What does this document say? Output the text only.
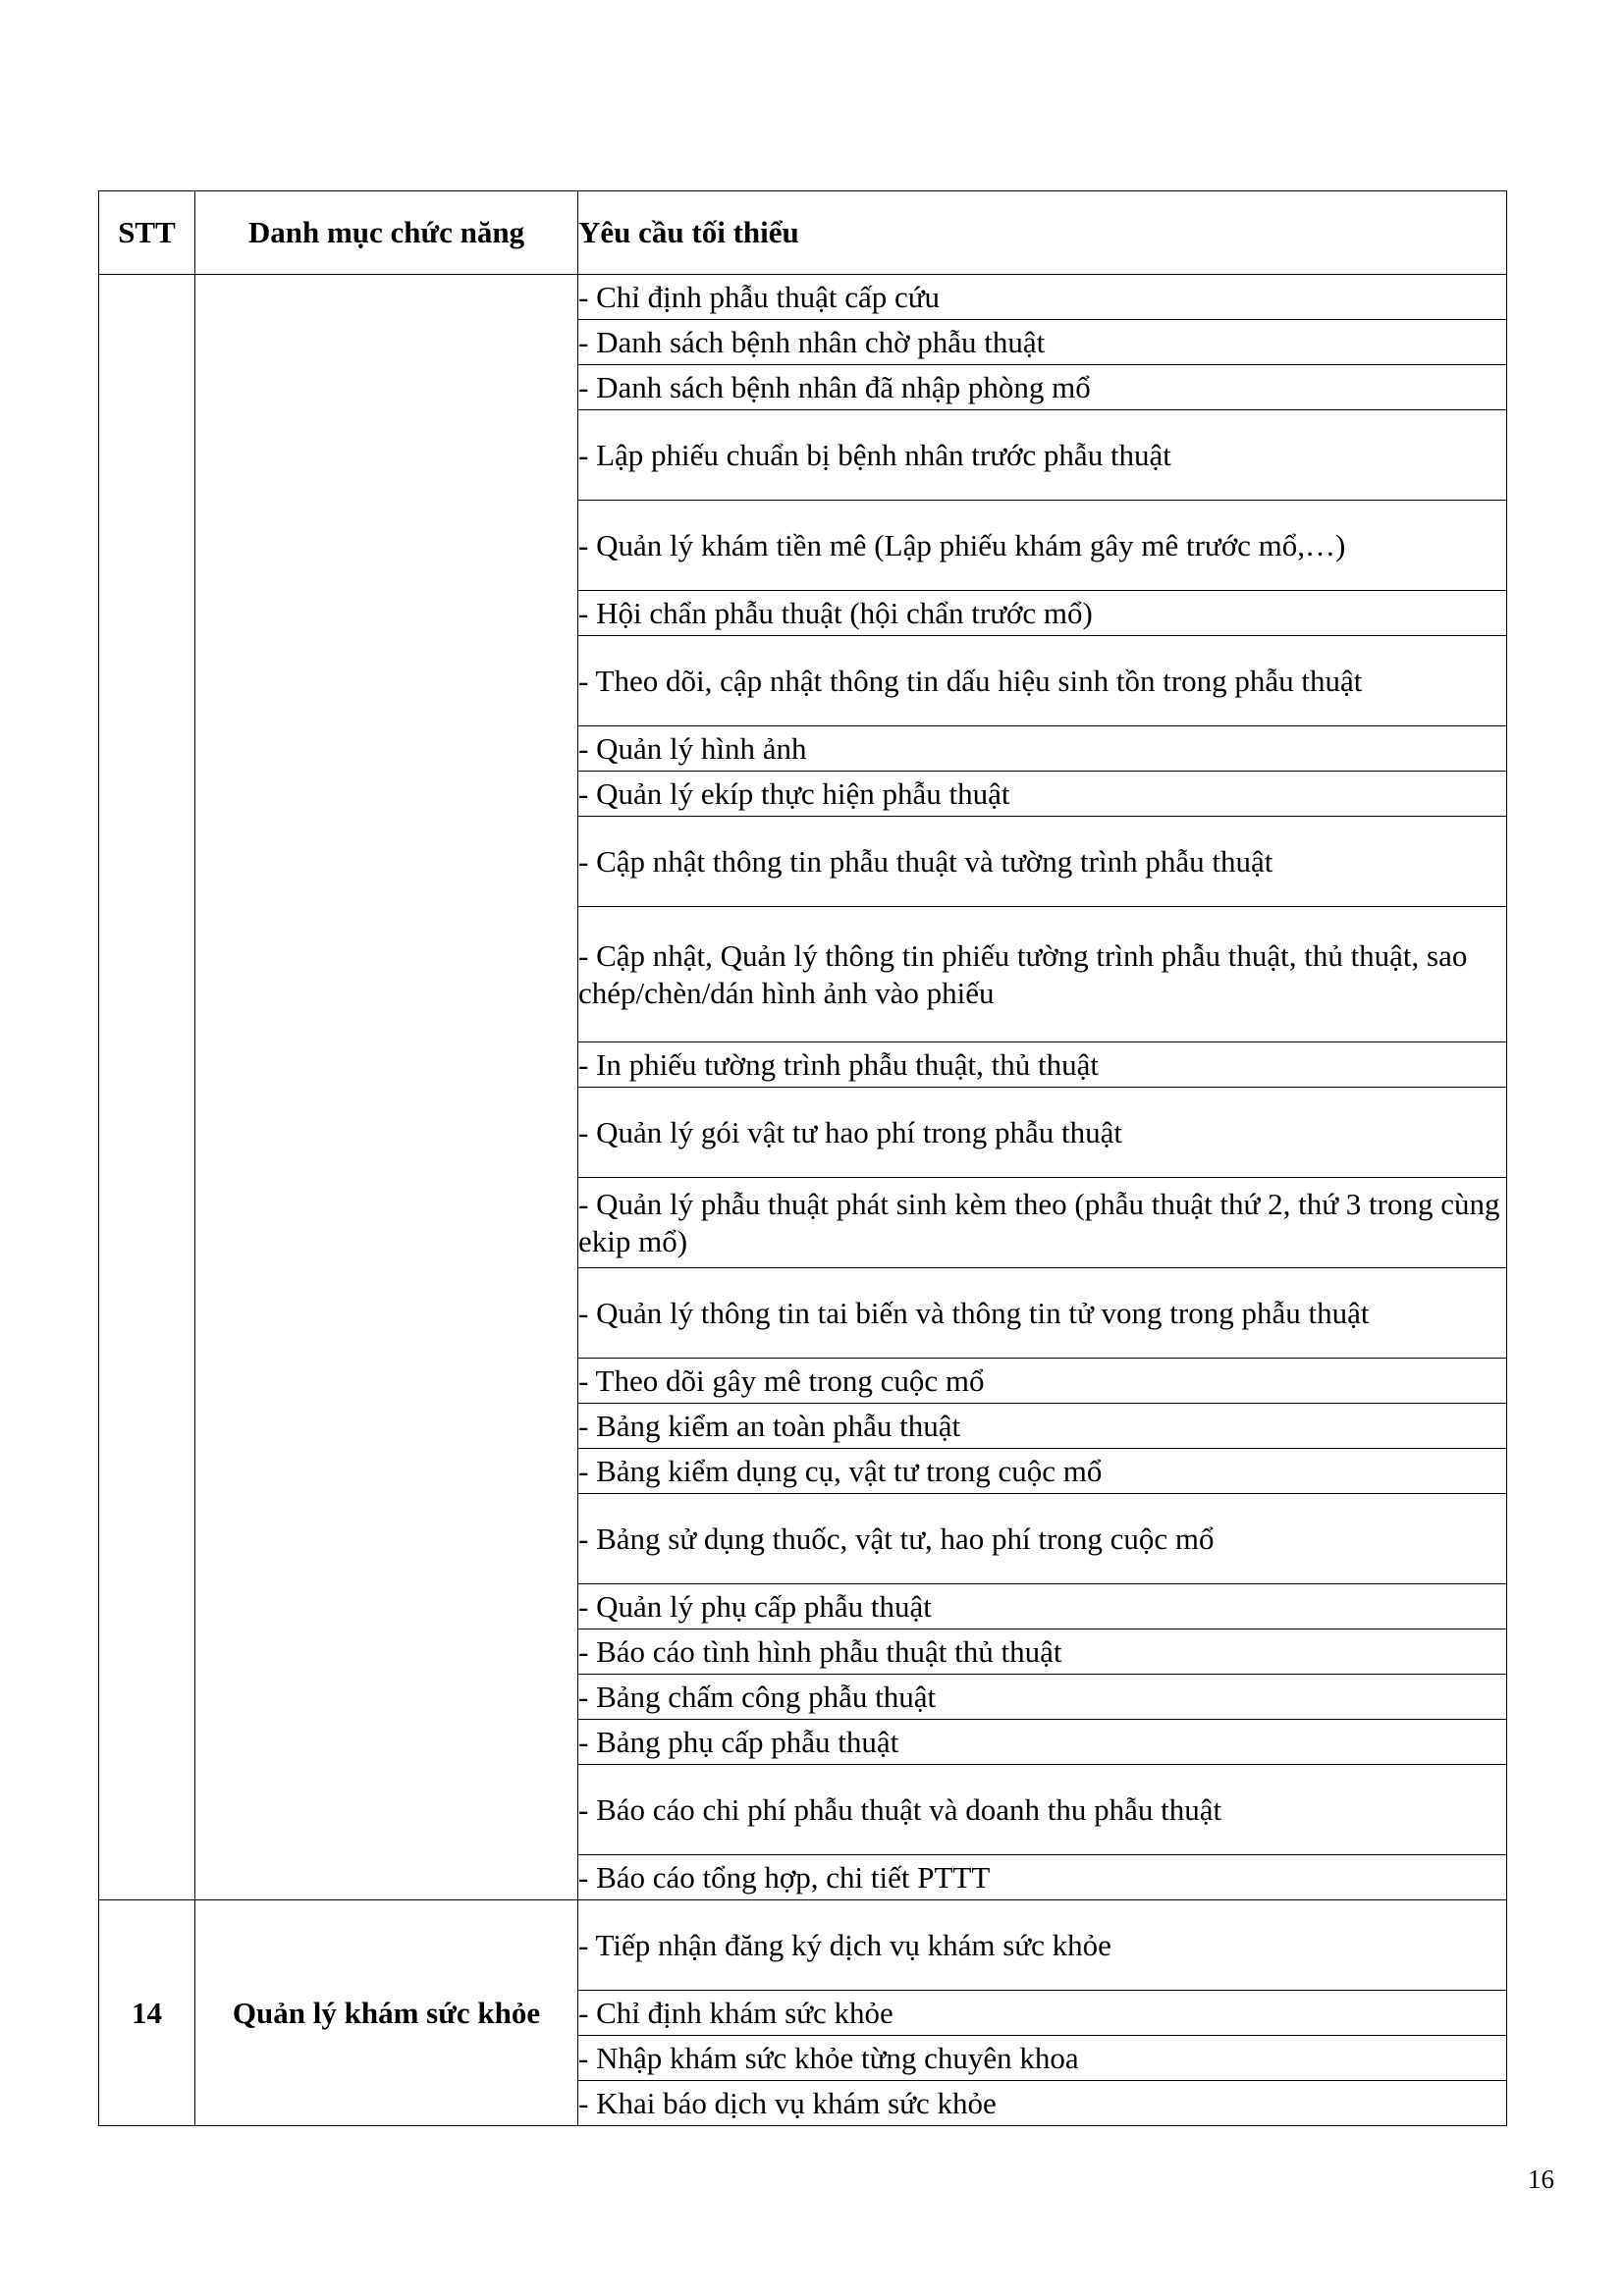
STT	Danh mục chức năng	Yêu cầu tối thiểu
		- Chỉ định phẫu thuật cấp cứu
		- Danh sách bệnh nhân chờ phẫu thuật
		- Danh sách bệnh nhân đã nhập phòng mổ
		- Lập phiếu chuẩn bị bệnh nhân trước phẫu thuật
		- Quản lý khám tiền mê (Lập phiếu khám gây mê trước mổ,…)
		- Hội chẩn phẫu thuật (hội chẩn trước mổ)
		- Theo dõi, cập nhật thông tin dấu hiệu sinh tồn trong phẫu thuật
		- Quản lý hình ảnh
		- Quản lý ekíp thực hiện phẫu thuật
		- Cập nhật thông tin phẫu thuật và tường trình phẫu thuật
		- Cập nhật, Quản lý thông tin phiếu tường trình phẫu thuật, thủ thuật, sao chép/chèn/dán hình ảnh vào phiếu
		- In phiếu tường trình phẫu thuật, thủ thuật
		- Quản lý gói vật tư hao phí trong phẫu thuật
		- Quản lý phẫu thuật phát sinh kèm theo (phẫu thuật thứ 2, thứ 3 trong cùng ekip mổ)
		- Quản lý thông tin tai biến và thông tin tử vong trong phẫu thuật
		- Theo dõi gây mê trong cuộc mổ
		- Bảng kiểm an toàn phẫu thuật
		- Bảng kiểm dụng cụ, vật tư trong cuộc mổ
		- Bảng sử dụng thuốc, vật tư, hao phí trong cuộc mổ
		- Quản lý phụ cấp phẫu thuật
		- Báo cáo tình hình phẫu thuật thủ thuật
		- Bảng chấm công phẫu thuật
		- Bảng phụ cấp phẫu thuật
		- Báo cáo chi phí phẫu thuật và doanh thu phẫu thuật
		- Báo cáo tổng hợp, chi tiết PTTT
14	Quản lý khám sức khỏe	- Tiếp nhận đăng ký dịch vụ khám sức khỏe
		- Chỉ định khám sức khỏe
		- Nhập khám sức khỏe từng chuyên khoa
		- Khai báo dịch vụ khám sức khỏe
16
